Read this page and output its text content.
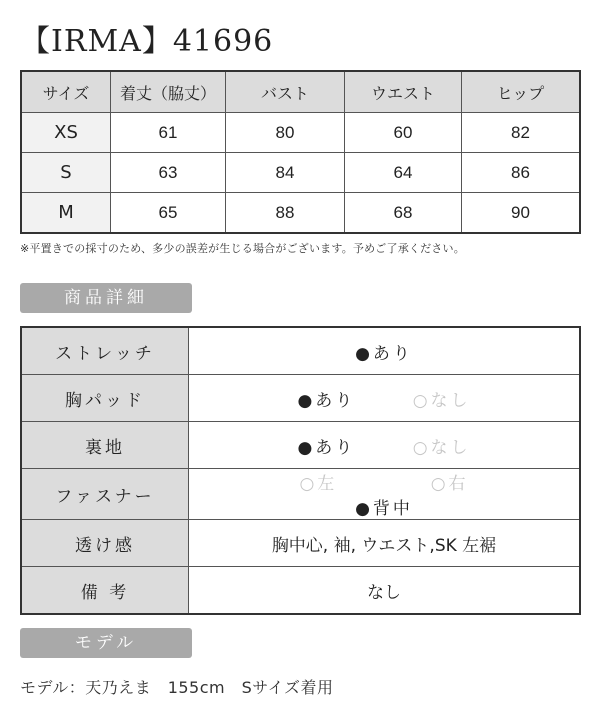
【IRMA】41696
サイズ	着丈（脇丈）	バスト	ウエスト	ヒップ
XS	61	80	60	82
S	63	84	64	86
M	65	88	68	90
※平置きでの採寸のため、多少の誤差が生じる場合がございます。予めご了承ください。
商品詳細
ストレッチ	●あり
胸パッド	●あり ○なし
裏地	●あり ○なし
ファスナー	○左 ○右 ●背中
透け感	胸中心, 袖, ウエスト,SK 左裾
備 考	なし
モデル
モデル：天乃えま　155cm　Sサイズ着用
